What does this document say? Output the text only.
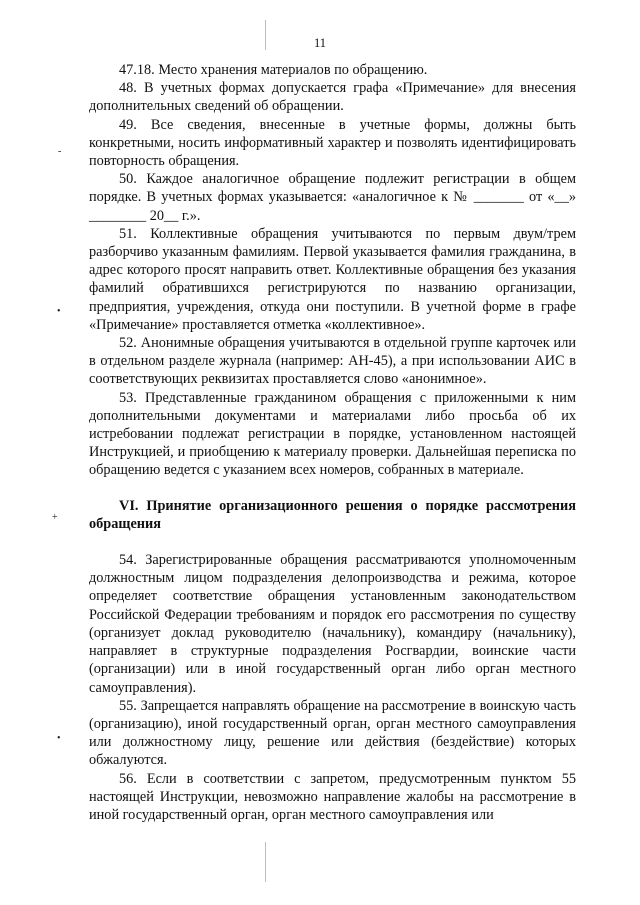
11
-
•
+
•

47.18. Место хранения материалов по обращению.

48. В учетных формах допускается графа «Примечание» для внесения дополнительных сведений об обращении.

49. Все сведения, внесенные в учетные формы, должны быть конкретными, носить информативный характер и позволять идентифицировать повторность обращения.

50. Каждое аналогичное обращение подлежит регистрации в общем порядке. В учетных формах указывается: «аналогичное к № _______ от «__» ________ 20__ г.».

51. Коллективные обращения учитываются по первым двум/трем разборчиво указанным фамилиям. Первой указывается фамилия гражданина, в адрес которого просят направить ответ. Коллективные обращения без указания фамилий обратившихся регистрируются по названию организации, предприятия, учреждения, откуда они поступили. В учетной форме в графе «Примечание» проставляется отметка «коллективное».

52. Анонимные обращения учитываются в отдельной группе карточек или в отдельном разделе журнала (например: АН-45), а при использовании АИС в соответствующих реквизитах проставляется слово «анонимное».

53. Представленные гражданином обращения с приложенными к ним дополнительными документами и материалами либо просьба об их истребовании подлежат регистрации в порядке, установленном настоящей Инструкцией, и приобщению к материалу проверки. Дальнейшая переписка по обращению ведется с указанием всех номеров, собранных в материале.

VI. Принятие организационного решения о порядке рассмотрения обращения

54. Зарегистрированные обращения рассматриваются уполномоченным должностным лицом подразделения делопроизводства и режима, которое определяет соответствие обращения установленным законодательством Российской Федерации требованиям и порядок его рассмотрения по существу (организует доклад руководителю (начальнику), командиру (начальнику), направляет в структурные подразделения Росгвардии, воинские части (организации) или в иной государственный орган либо орган местного самоуправления).

55. Запрещается направлять обращение на рассмотрение в воинскую часть (организацию), иной государственный орган, орган местного самоуправления или должностному лицу, решение или действия (бездействие) которых обжалуются.

56. Если в соответствии с запретом, предусмотренным пунктом 55 настоящей Инструкции, невозможно направление жалобы на рассмотрение в иной государственный орган, орган местного самоуправления или
